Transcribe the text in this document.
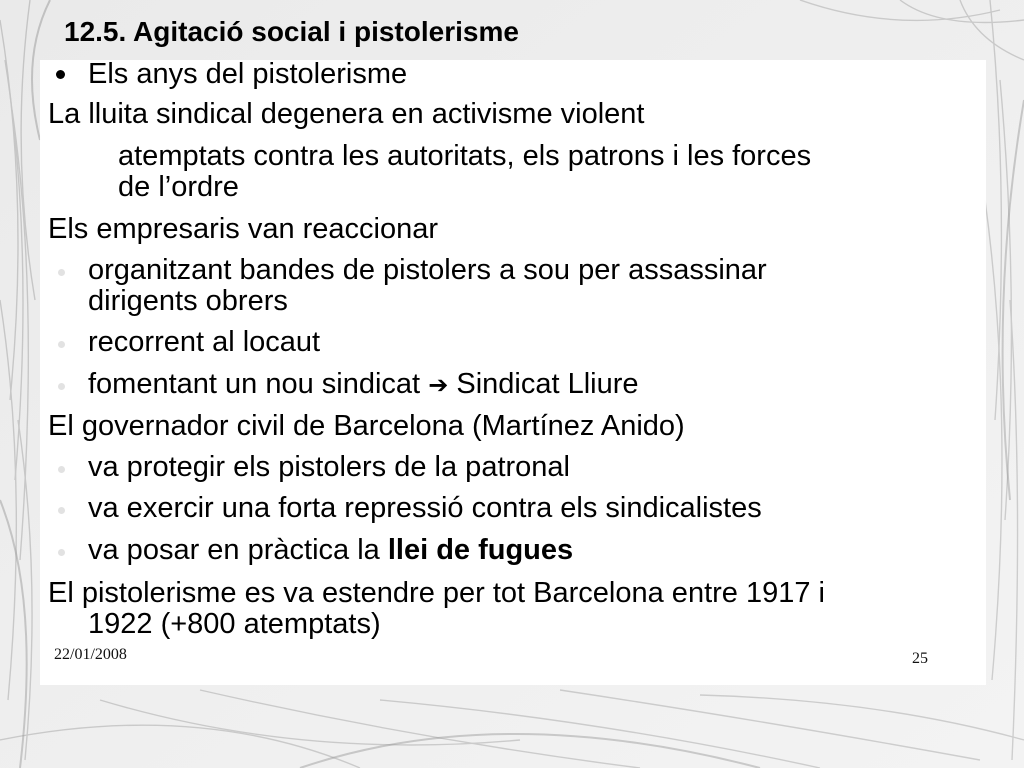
12.5. Agitació social i pistolerisme
Els anys del pistolerisme
La lluita sindical degenera en activisme violent
atemptats contra les autoritats, els patrons i les forces
de l’ordre
Els empresaris van reaccionar
organitzant bandes de pistolers a sou per assassinar
dirigents obrers
recorrent al locaut
fomentant un nou sindicat ➔ Sindicat Lliure
El governador civil de Barcelona (Martínez Anido)
va protegir els pistolers de la patronal
va exercir una forta repressió contra els sindicalistes
va posar en pràctica la llei de fugues
El pistolerisme es va estendre per tot Barcelona entre 1917 i
1922 (+800 atemptats)
22/01/2008	25
